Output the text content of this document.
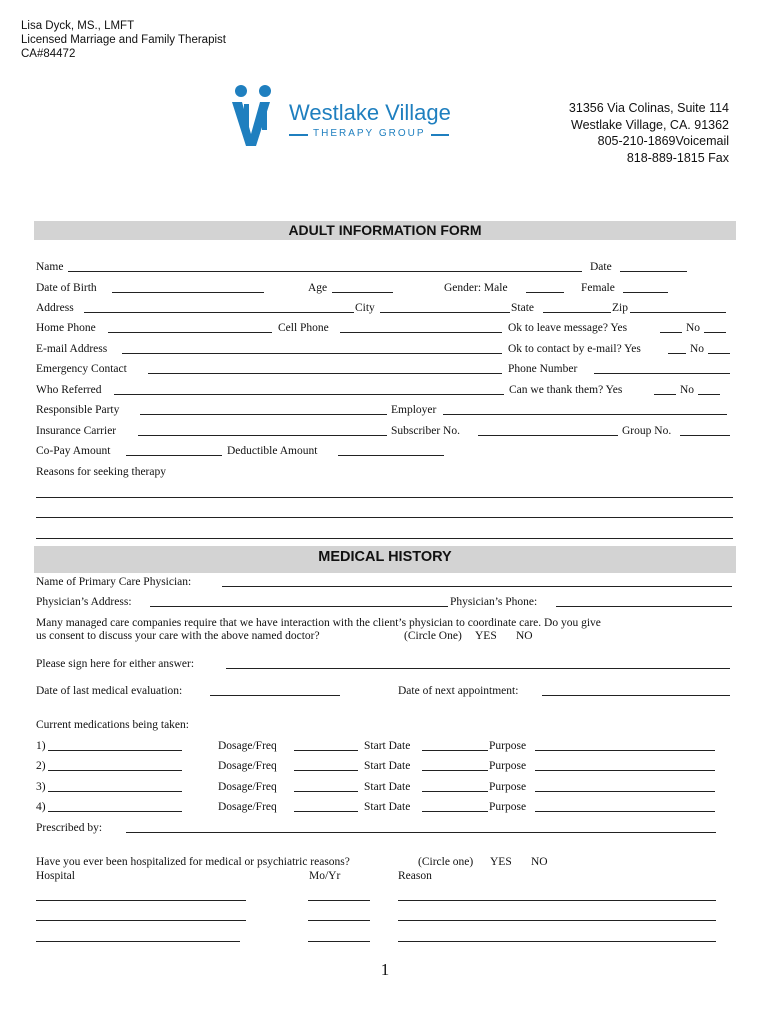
Lisa Dyck, MS., LMFT
Licensed Marriage and Family Therapist
CA#84472
Westlake Village
THERAPY GROUP
31356 Via Colinas, Suite 114
Westlake Village, CA. 91362
805-210-1869Voicemail
818-889-1815 Fax
ADULT INFORMATION FORM
Name	Date
Date of Birth	Age	Gender: Male	Female
Address	City	State	Zip
Home Phone	Cell Phone	Ok to leave message? Yes	No
E-mail Address	Ok to contact by e-mail? Yes	No
Emergency Contact	Phone Number
Who Referred	Can we thank them? Yes	No
Responsible Party	Employer
Insurance Carrier	Subscriber No.	Group No.
Co-Pay Amount	Deductible Amount
Reasons for seeking therapy
MEDICAL HISTORY
Name of Primary Care Physician:
Physician’s Address:	Physician’s Phone:
Many managed care companies require that we have interaction with the client’s physician to coordinate care. Do you give
us consent to discuss your care with the above named doctor?	(Circle One) YES NO
Please sign here for either answer:
Date of last medical evaluation:	Date of next appointment:
Current medications being taken:
1)	Dosage/Freq	Start Date	Purpose
2)	Dosage/Freq	Start Date	Purpose
3)	Dosage/Freq	Start Date	Purpose
4)	Dosage/Freq	Start Date	Purpose
Prescribed by:
Have you ever been hospitalized for medical or psychiatric reasons?	(Circle one) YES NO
Hospital	Mo/Yr	Reason
1
